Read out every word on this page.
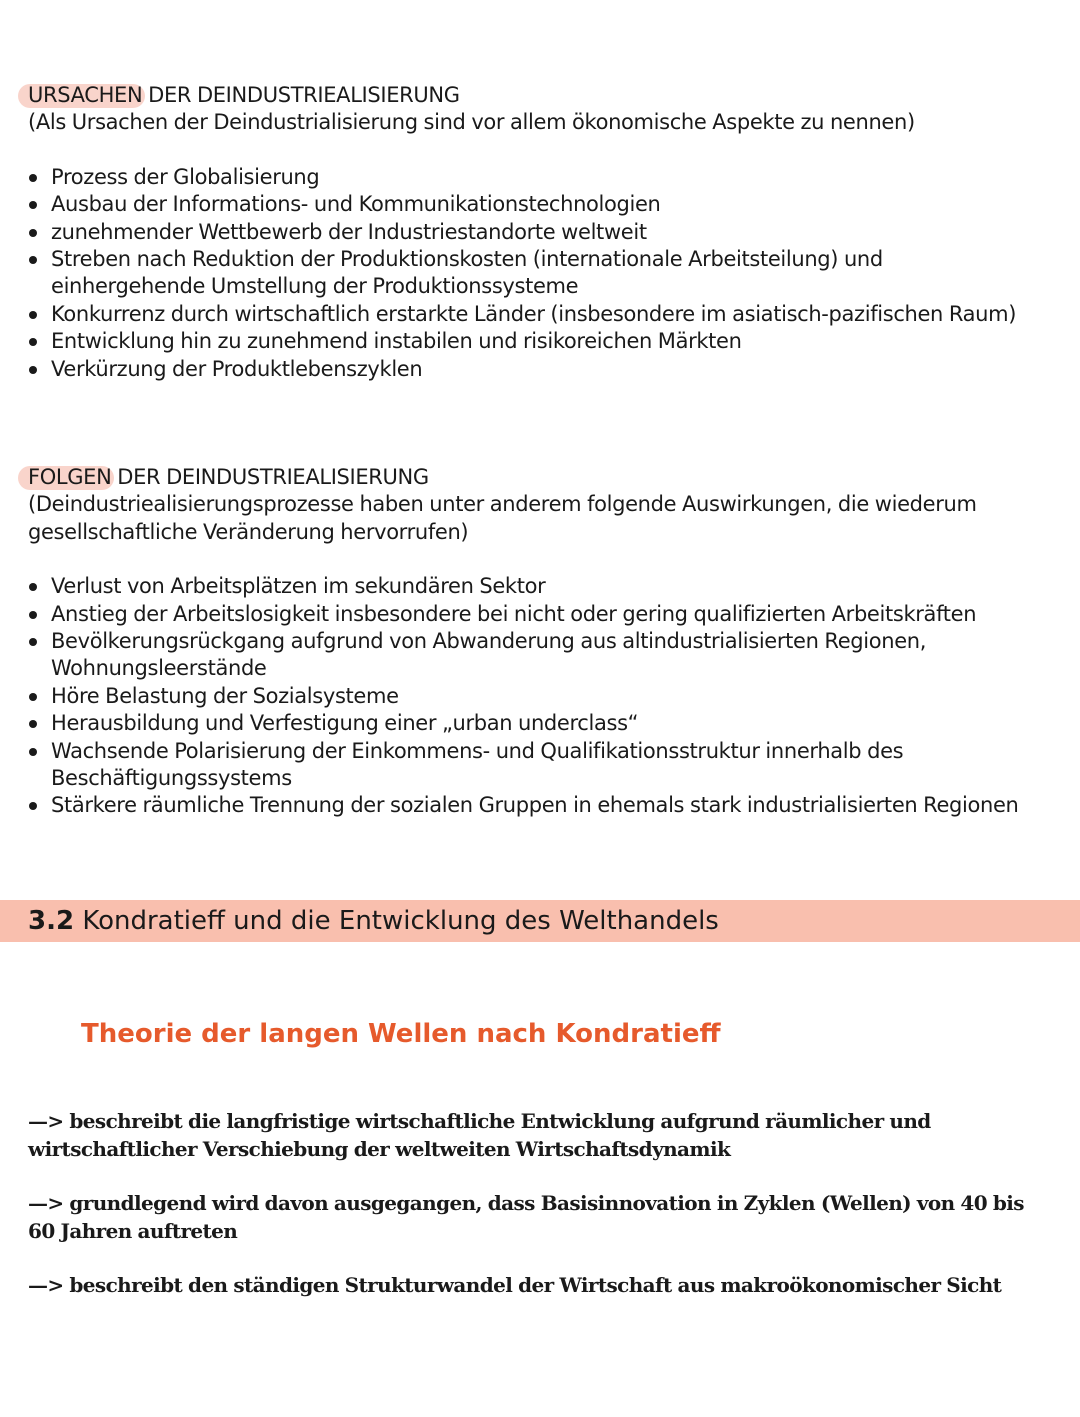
URSACHEN DER DEINDUSTRIEALISIERUNG

(Als Ursachen der Deindustrialisierung sind vor allem ökonomische Aspekte zu nennen)

Prozess der Globalisierung
Ausbau der Informations- und Kommunikationstechnologien
zunehmender Wettbewerb der Industriestandorte weltweit
Streben nach Reduktion der Produktionskosten (internationale Arbeitsteilung) und einhergehende Umstellung der Produktionssysteme
Konkurrenz durch wirtschaftlich erstarkte Länder (insbesondere im asiatisch-pazifischen Raum)
Entwicklung hin zu zunehmend instabilen und risikoreichen Märkten
Verkürzung der Produktlebenszyklen
FOLGEN DER DEINDUSTRIEALISIERUNG

(Deindustriealisierungsprozesse haben unter anderem folgende Auswirkungen, die wiederum gesellschaftliche Veränderung hervorrufen)

Verlust von Arbeitsplätzen im sekundären Sektor
Anstieg der Arbeitslosigkeit insbesondere bei nicht oder gering qualifizierten Arbeitskräften
Bevölkerungsrückgang aufgrund von Abwanderung aus altindustrialisierten Regionen, Wohnungsleerstände
Höre Belastung der Sozialsysteme
Herausbildung und Verfestigung einer „urban underclass“
Wachsende Polarisierung der Einkommens- und Qualifikationsstruktur innerhalb des Beschäftigungssystems
Stärkere räumliche Trennung der sozialen Gruppen in ehemals stark industrialisierten Regionen
3.2 Kondratieff und die Entwicklung des Welthandels
Theorie der langen Wellen nach Kondratieff

—> beschreibt die langfristige wirtschaftliche Entwicklung aufgrund räumlicher und wirtschaftlicher Verschiebung der weltweiten Wirtschaftsdynamik

—> grundlegend wird davon ausgegangen, dass Basisinnovation in Zyklen (Wellen) von 40 bis 60 Jahren auftreten

—> beschreibt den ständigen Strukturwandel der Wirtschaft aus makroökonomischer Sicht
